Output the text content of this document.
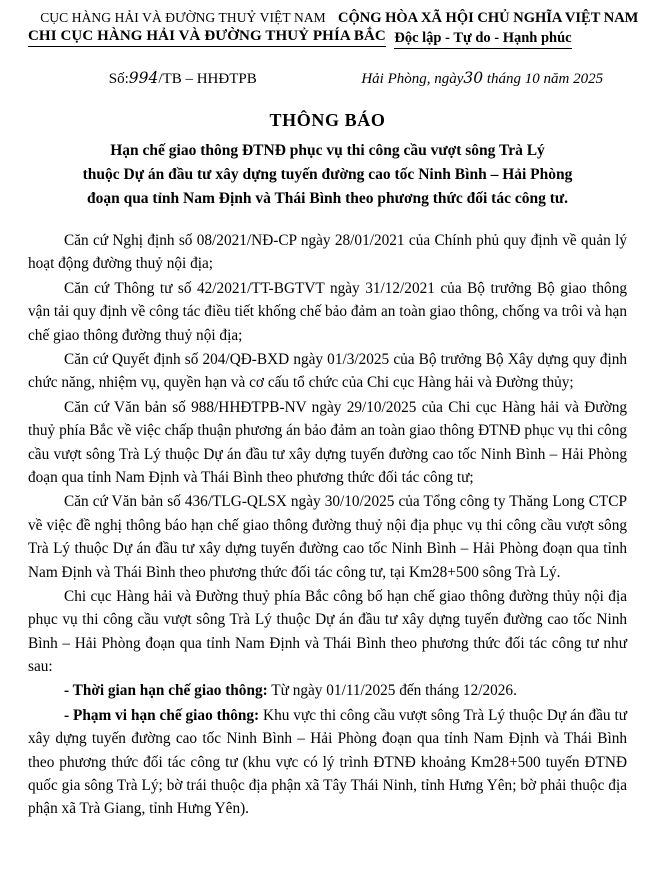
CỤC HÀNG HẢI VÀ ĐƯỜNG THUỶ VIỆT NAM
CHI CỤC HÀNG HẢI VÀ ĐƯỜNG THUỶ PHÍA BẮC
CỘNG HÒA XÃ HỘI CHỦ NGHĨA VIỆT NAM
Độc lập - Tự do - Hạnh phúc
Số:994/TB – HHĐTPB	Hải Phòng, ngày30 tháng 10 năm 2025
THÔNG BÁO
Hạn chế giao thông ĐTNĐ phục vụ thi công cầu vượt sông Trà Lý
thuộc Dự án đầu tư xây dựng tuyến đường cao tốc Ninh Bình – Hải Phòng
đoạn qua tỉnh Nam Định và Thái Bình theo phương thức đối tác công tư.

Căn cứ Nghị định số 08/2021/NĐ-CP ngày 28/01/2021 của Chính phủ quy định về quản lý hoạt động đường thuỷ nội địa;

Căn cứ Thông tư số 42/2021/TT-BGTVT ngày 31/12/2021 của Bộ trưởng Bộ giao thông vận tải quy định về công tác điều tiết khống chế bảo đảm an toàn giao thông, chống va trôi và hạn chế giao thông đường thuỷ nội địa;

Căn cứ Quyết định số 204/QĐ-BXD ngày 01/3/2025 của Bộ trưởng Bộ Xây dựng quy định chức năng, nhiệm vụ, quyền hạn và cơ cấu tổ chức của Chi cục Hàng hải và Đường thủy;

Căn cứ Văn bản số 988/HHĐTPB-NV ngày 29/10/2025 của Chi cục Hàng hải và Đường thuỷ phía Bắc về việc chấp thuận phương án bảo đảm an toàn giao thông ĐTNĐ phục vụ thi công cầu vượt sông Trà Lý thuộc Dự án đầu tư xây dựng tuyến đường cao tốc Ninh Bình – Hải Phòng đoạn qua tỉnh Nam Định và Thái Bình theo phương thức đối tác công tư;

Căn cứ Văn bản số 436/TLG-QLSX ngày 30/10/2025 của Tổng công ty Thăng Long CTCP về việc đề nghị thông báo hạn chế giao thông đường thuỷ nội địa phục vụ thi công cầu vượt sông Trà Lý thuộc Dự án đầu tư xây dựng tuyến đường cao tốc Ninh Bình – Hải Phòng đoạn qua tỉnh Nam Định và Thái Bình theo phương thức đối tác công tư, tại Km28+500 sông Trà Lý.

Chi cục Hàng hải và Đường thuỷ phía Bắc công bố hạn chế giao thông đường thủy nội địa phục vụ thi công cầu vượt sông Trà Lý thuộc Dự án đầu tư xây dựng tuyến đường cao tốc Ninh Bình – Hải Phòng đoạn qua tỉnh Nam Định và Thái Bình theo phương thức đối tác công tư như sau:

- Thời gian hạn chế giao thông: Từ ngày 01/11/2025 đến tháng 12/2026.

- Phạm vi hạn chế giao thông: Khu vực thi công cầu vượt sông Trà Lý thuộc Dự án đầu tư xây dựng tuyến đường cao tốc Ninh Bình – Hải Phòng đoạn qua tỉnh Nam Định và Thái Bình theo phương thức đối tác công tư (khu vực có lý trình ĐTNĐ khoảng Km28+500 tuyến ĐTNĐ quốc gia sông Trà Lý; bờ trái thuộc địa phận xã Tây Thái Ninh, tỉnh Hưng Yên; bờ phải thuộc địa phận xã Trà Giang, tỉnh Hưng Yên).
